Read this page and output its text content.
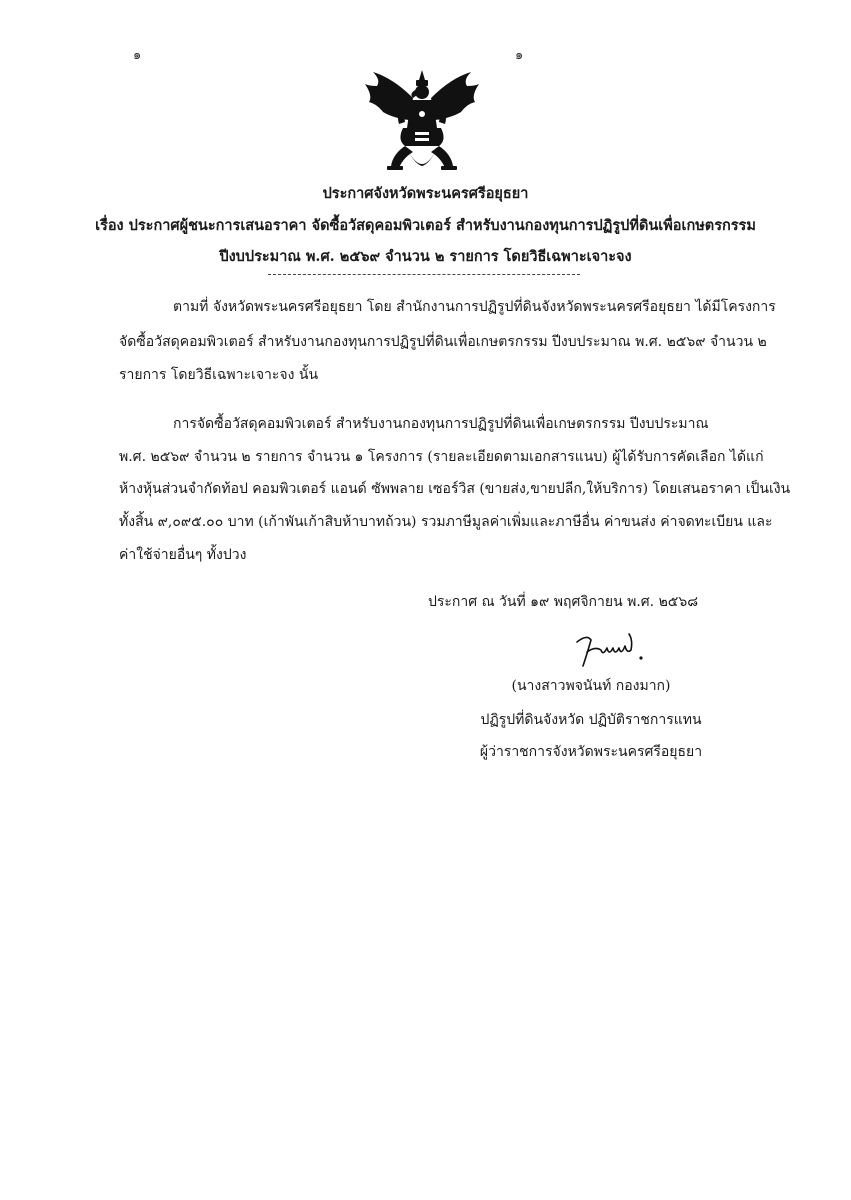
๑	๑
ประกาศจังหวัดพระนครศรีอยุธยา
เรื่อง ประกาศผู้ชนะการเสนอราคา จัดซื้อวัสดุคอมพิวเตอร์ สำหรับงานกองทุนการปฏิรูปที่ดินเพื่อเกษตรกรรม
ปีงบประมาณ พ.ศ. ๒๕๖๙ จำนวน ๒ รายการ โดยวิธีเฉพาะเจาะจง
ตามที่ จังหวัดพระนครศรีอยุธยา โดย สำนักงานการปฏิรูปที่ดินจังหวัดพระนครศรีอยุธยา ได้มีโครงการ
จัดซื้อวัสดุคอมพิวเตอร์ สำหรับงานกองทุนการปฏิรูปที่ดินเพื่อเกษตรกรรม ปีงบประมาณ พ.ศ. ๒๕๖๙ จำนวน ๒
รายการ โดยวิธีเฉพาะเจาะจง นั้น
การจัดซื้อวัสดุคอมพิวเตอร์ สำหรับงานกองทุนการปฏิรูปที่ดินเพื่อเกษตรกรรม ปีงบประมาณ
พ.ศ. ๒๕๖๙ จำนวน ๒ รายการ จำนวน ๑ โครงการ (รายละเอียดตามเอกสารแนบ) ผู้ได้รับการคัดเลือก ได้แก่
ห้างหุ้นส่วนจำกัดท้อป คอมพิวเตอร์ แอนด์ ซัพพลาย เซอร์วิส (ขายส่ง,ขายปลีก,ให้บริการ) โดยเสนอราคา เป็นเงิน
ทั้งสิ้น ๙,๐๙๕.๐๐ บาท (เก้าพันเก้าสิบห้าบาทถ้วน) รวมภาษีมูลค่าเพิ่มและภาษีอื่น ค่าขนส่ง ค่าจดทะเบียน และ
ค่าใช้จ่ายอื่นๆ ทั้งปวง
ประกาศ ณ วันที่ ๑๙ พฤศจิกายน พ.ศ. ๒๕๖๘
(นางสาวพจนันท์ กองมาก)
ปฏิรูปที่ดินจังหวัด ปฏิบัติราชการแทน
ผู้ว่าราชการจังหวัดพระนครศรีอยุธยา
